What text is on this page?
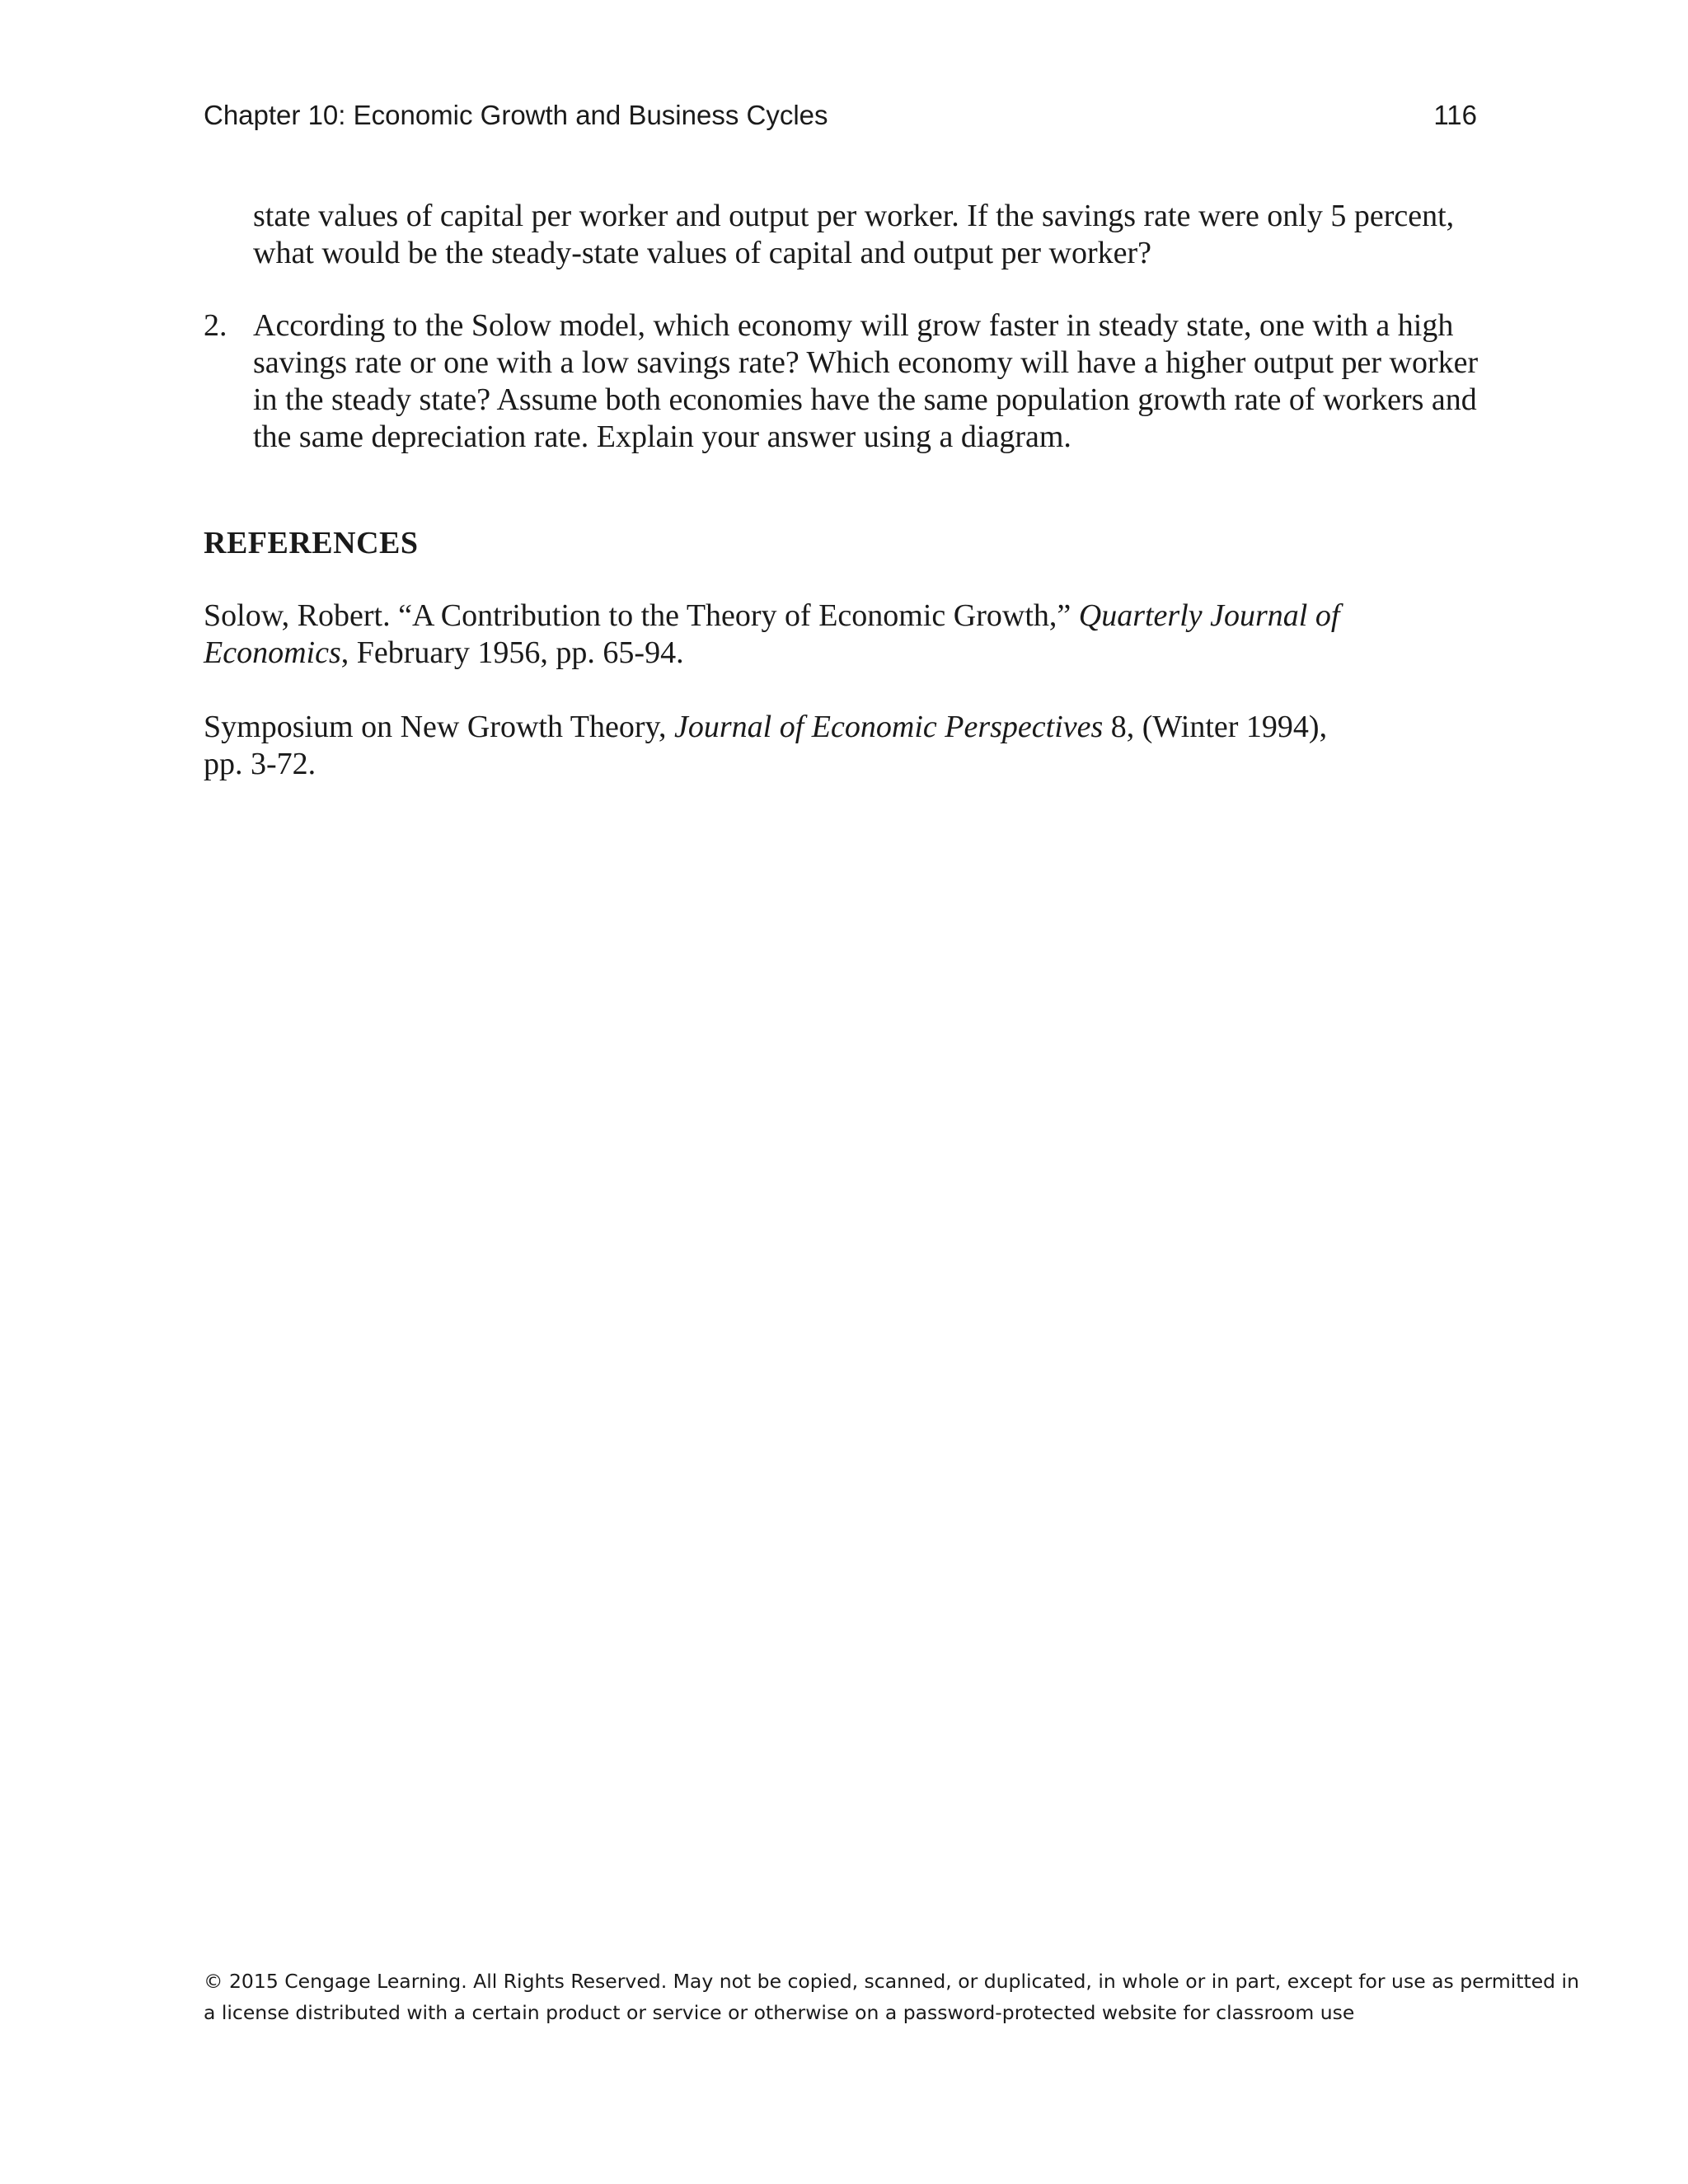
Chapter 10: Economic Growth and Business Cycles	116

state values of capital per worker and output per worker. If the savings rate were only 5 percent, what would be the steady-state values of capital and output per worker?

2. According to the Solow model, which economy will grow faster in steady state, one with a high savings rate or one with a low savings rate? Which economy will have a higher output per worker in the steady state? Assume both economies have the same population growth rate of workers and the same depreciation rate. Explain your answer using a diagram.

REFERENCES

Solow, Robert. “A Contribution to the Theory of Economic Growth,” Quarterly Journal of Economics, February 1956, pp. 65-94.

Symposium on New Growth Theory, Journal of Economic Perspectives 8, (Winter 1994),
pp. 3-72.

© 2015 Cengage Learning. All Rights Reserved. May not be copied, scanned, or duplicated, in whole or in part, except for use as permitted in
a license distributed with a certain product or service or otherwise on a password-protected website for classroom use
